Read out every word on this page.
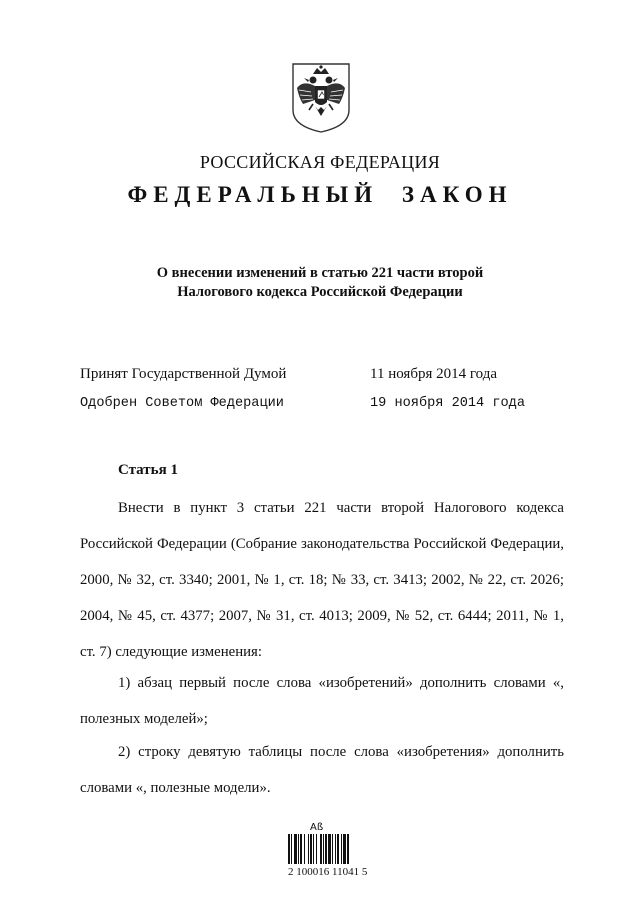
РОССИЙСКАЯ ФЕДЕРАЦИЯ
ФЕДЕРАЛЬНЫЙ ЗАКОН
О внесении изменений в статью 221 части второй
Налогового кодекса Российской Федерации
Принят Государственной Думой	11 ноября 2014 года
Одобрен Советом Федерации	19 ноября 2014 года
Статья 1

Внести в пункт 3 статьи 221 части второй Налогового кодекса Российской Федерации (Собрание законодательства Российской Федерации, 2000, № 32, ст. 3340; 2001, № 1, ст. 18; № 33, ст. 3413; 2002, № 22, ст. 2026; 2004, № 45, ст. 4377; 2007, № 31, ст. 4013; 2009, № 52, ст. 6444; 2011, № 1, ст. 7) следующие изменения:

1) абзац первый после слова «изобретений» дополнить словами «, полезных моделей»;

2) строку девятую таблицы после слова «изобретения» дополнить словами «, полезные модели».

Aß
2 100016 11041 5
